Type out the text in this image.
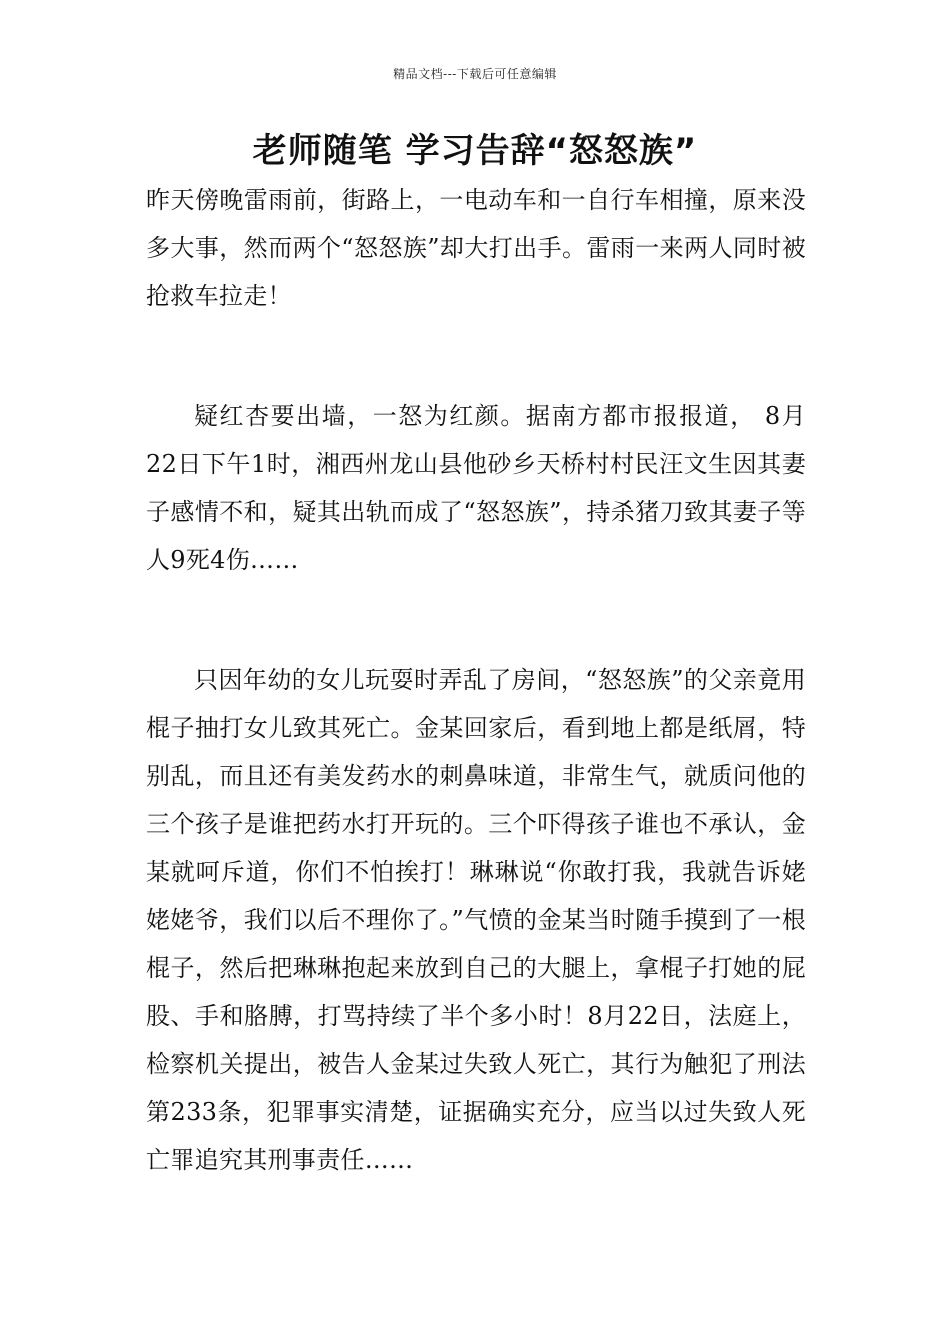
精品文档---下载后可任意编辑
老师随笔 学习告辞“怒怒族”

昨天傍晚雷雨前，街路上，一电动车和一自行车相撞，原来没多大事，然而两个“怒怒族”却大打出手。雷雨一来两人同时被抢救车拉走！

疑红杏要出墙，一怒为红颜。据南方都市报报道， 8月22日下午1时，湘西州龙山县他砂乡天桥村村民汪文生因其妻子感情不和，疑其出轨而成了“怒怒族”，持杀猪刀致其妻子等人9死4伤……

只因年幼的女儿玩耍时弄乱了房间，“怒怒族”的父亲竟用棍子抽打女儿致其死亡。金某回家后，看到地上都是纸屑，特别乱，而且还有美发药水的刺鼻味道，非常生气，就质问他的三个孩子是谁把药水打开玩的。三个吓得孩子谁也不承认，金某就呵斥道，你们不怕挨打！琳琳说“你敢打我，我就告诉姥姥姥爷，我们以后不理你了。”气愤的金某当时随手摸到了一根棍子，然后把琳琳抱起来放到自己的大腿上，拿棍子打她的屁股、手和胳膊，打骂持续了半个多小时！8月22日，法庭上，检察机关提出，被告人金某过失致人死亡，其行为触犯了刑法第233条，犯罪事实清楚，证据确实充分，应当以过失致人死亡罪追究其刑事责任……
